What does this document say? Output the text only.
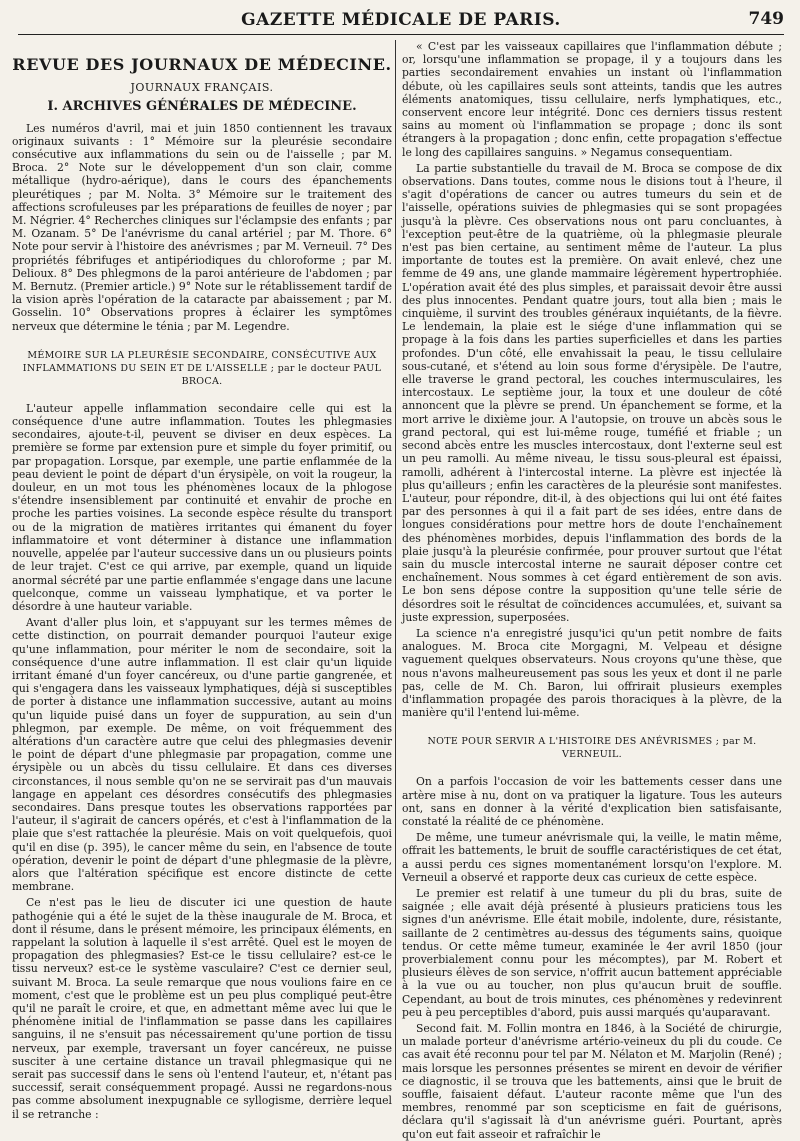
GAZETTE MÉDICALE DE PARIS.	749
REVUE DES JOURNAUX DE MÉDECINE.
JOURNAUX FRANÇAIS.
I. ARCHIVES GÉNÉRALES DE MÉDECINE.

Les numéros d'avril, mai et juin 1850 contiennent les travaux originaux suivants : 1° Mémoire sur la pleurésie secondaire consécutive aux inflammations du sein ou de l'aisselle ; par M. Broca. 2° Note sur le développement d'un son clair, comme métallique (hydro-aérique), dans le cours des épanchements pleurétiques ; par M. Nolta. 3° Mémoire sur le traitement des affections scrofuleuses par les préparations de feuilles de noyer ; par M. Négrier. 4° Recherches cliniques sur l'éclampsie des enfants ; par M. Ozanam. 5° De l'anévrisme du canal artériel ; par M. Thore. 6° Note pour servir à l'histoire des anévrismes ; par M. Verneuil. 7° Des propriétés fébrifuges et antipériodiques du chloroforme ; par M. Delioux. 8° Des phlegmons de la paroi antérieure de l'abdomen ; par M. Bernutz. (Premier article.) 9° Note sur le rétablissement tardif de la vision après l'opération de la cataracte par abaissement ; par M. Gosselin. 10° Observations propres à éclairer les symptômes nerveux que détermine le ténia ; par M. Legendre.

MÉMOIRE SUR LA PLEURÉSIE SECONDAIRE, CONSÉCUTIVE AUX INFLAMMATIONS DU SEIN ET DE L'AISSELLE ; par le docteur PAUL BROCA.

L'auteur appelle inflammation secondaire celle qui est la conséquence d'une autre inflammation. Toutes les phlegmasies secondaires, ajoute-t-il, peuvent se diviser en deux espèces. La première se forme par extension pure et simple du foyer primitif, ou par propagation. Lorsque, par exemple, une partie enflammée de la peau devient le point de départ d'un érysipèle, on voit la rougeur, la douleur, en un mot tous les phénomènes locaux de la phlogose s'étendre insensiblement par continuité et envahir de proche en proche les parties voisines. La seconde espèce résulte du transport ou de la migration de matières irritantes qui émanent du foyer inflammatoire et vont déterminer à distance une inflammation nouvelle, appelée par l'auteur successive dans un ou plusieurs points de leur trajet. C'est ce qui arrive, par exemple, quand un liquide anormal sécrété par une partie enflammée s'engage dans une lacune quelconque, comme un vaisseau lymphatique, et va porter le désordre à une hauteur variable.

Avant d'aller plus loin, et s'appuyant sur les termes mêmes de cette distinction, on pourrait demander pourquoi l'auteur exige qu'une inflammation, pour mériter le nom de secondaire, soit la conséquence d'une autre inflammation. Il est clair qu'un liquide irritant émané d'un foyer cancéreux, ou d'une partie gangrenée, et qui s'engagera dans les vaisseaux lymphatiques, déjà si susceptibles de porter à distance une inflammation successive, autant au moins qu'un liquide puisé dans un foyer de suppuration, au sein d'un phlegmon, par exemple. De même, on voit fréquemment des altérations d'un caractère autre que celui des phlegmasies devenir le point de départ d'une phlegmasie par propagation, comme une érysipèle ou un abcès du tissu cellulaire. Et dans ces diverses circonstances, il nous semble qu'on ne se servirait pas d'un mauvais langage en appelant ces désordres consécutifs des phlegmasies secondaires. Dans presque toutes les observations rapportées par l'auteur, il s'agirait de cancers opérés, et c'est à l'inflammation de la plaie que s'est rattachée la pleurésie. Mais on voit quelquefois, quoi qu'il en dise (p. 395), le cancer même du sein, en l'absence de toute opération, devenir le point de départ d'une phlegmasie de la plèvre, alors que l'altération spécifique est encore distincte de cette membrane.

Ce n'est pas le lieu de discuter ici une question de haute pathogénie qui a été le sujet de la thèse inaugurale de M. Broca, et dont il résume, dans le présent mémoire, les principaux éléments, en rappelant la solution à laquelle il s'est arrêté. Quel est le moyen de propagation des phlegmasies? Est-ce le tissu cellulaire? est-ce le tissu nerveux? est-ce le système vasculaire? C'est ce dernier seul, suivant M. Broca. La seule remarque que nous voulions faire en ce moment, c'est que le problème est un peu plus compliqué peut-être qu'il ne paraît le croire, et que, en admettant même avec lui que le phénomène initial de l'inflammation se passe dans les capillaires sanguins, il ne s'ensuit pas nécessairement qu'une portion de tissu nerveux, par exemple, traversant un foyer cancéreux, ne puisse susciter à une certaine distance un travail phlegmasique qui ne serait pas successif dans le sens où l'entend l'auteur, et, n'étant pas successif, serait conséquemment propagé. Aussi ne regardons-nous pas comme absolument inexpugnable ce syllogisme, derrière lequel il se retranche :

« C'est par les vaisseaux capillaires que l'inflammation débute ; or, lorsqu'une inflammation se propage, il y a toujours dans les parties secondairement envahies un instant où l'inflammation débute, où les capillaires seuls sont atteints, tandis que les autres éléments anatomiques, tissu cellulaire, nerfs lymphatiques, etc., conservent encore leur intégrité. Donc ces derniers tissus restent sains au moment où l'inflammation se propage ; donc ils sont étrangers à la propagation ; donc enfin, cette propagation s'effectue le long des capillaires sanguins. » Negamus consequentiam.

La partie substantielle du travail de M. Broca se compose de dix observations. Dans toutes, comme nous le disions tout à l'heure, il s'agit d'opérations de cancer ou autres tumeurs du sein et de l'aisselle, opérations suivies de phlegmasies qui se sont propagées jusqu'à la plèvre. Ces observations nous ont paru concluantes, à l'exception peut-être de la quatrième, où la phlegmasie pleurale n'est pas bien certaine, au sentiment même de l'auteur. La plus importante de toutes est la première. On avait enlevé, chez une femme de 49 ans, une glande mammaire légèrement hypertrophiée. L'opération avait été des plus simples, et paraissait devoir être aussi des plus innocentes. Pendant quatre jours, tout alla bien ; mais le cinquième, il survint des troubles généraux inquiétants, de la fièvre. Le lendemain, la plaie est le siége d'une inflammation qui se propage à la fois dans les parties superficielles et dans les parties profondes. D'un côté, elle envahissait la peau, le tissu cellulaire sous-cutané, et s'étend au loin sous forme d'érysipèle. De l'autre, elle traverse le grand pectoral, les couches intermusculaires, les intercostaux. Le septième jour, la toux et une douleur de côté annoncent que la plèvre se prend. Un épanchement se forme, et la mort arrive le dixième jour. A l'autopsie, on trouve un abcès sous le grand pectoral, qui est lui-même rouge, tuméfié et friable ; un second abcès entre les muscles intercostaux, dont l'externe seul est un peu ramolli. Au même niveau, le tissu sous-pleural est épaissi, ramolli, adhérent à l'intercostal interne. La plèvre est injectée là plus qu'ailleurs ; enfin les caractères de la pleurésie sont manifestes. L'auteur, pour répondre, dit-il, à des objections qui lui ont été faites par des personnes à qui il a fait part de ses idées, entre dans de longues considérations pour mettre hors de doute l'enchaînement des phénomènes morbides, depuis l'inflammation des bords de la plaie jusqu'à la pleurésie confirmée, pour prouver surtout que l'état sain du muscle intercostal interne ne saurait déposer contre cet enchaînement. Nous sommes à cet égard entièrement de son avis. Le bon sens dépose contre la supposition qu'une telle série de désordres soit le résultat de coïncidences accumulées, et, suivant sa juste expression, superposées.

La science n'a enregistré jusqu'ici qu'un petit nombre de faits analogues. M. Broca cite Morgagni, M. Velpeau et désigne vaguement quelques observateurs. Nous croyons qu'une thèse, que nous n'avons malheureusement pas sous les yeux et dont il ne parle pas, celle de M. Ch. Baron, lui offrirait plusieurs exemples d'inflammation propagée des parois thoraciques à la plèvre, de la manière qu'il l'entend lui-même.

NOTE POUR SERVIR A L'HISTOIRE DES ANÉVRISMES ; par M. VERNEUIL.

On a parfois l'occasion de voir les battements cesser dans une artère mise à nu, dont on va pratiquer la ligature. Tous les auteurs ont, sans en donner à la vérité d'explication bien satisfaisante, constaté la réalité de ce phénomène.

De même, une tumeur anévrismale qui, la veille, le matin même, offrait les battements, le bruit de souffle caractéristiques de cet état, a aussi perdu ces signes momentanément lorsqu'on l'explore. M. Verneuil a observé et rapporte deux cas curieux de cette espèce.

Le premier est relatif à une tumeur du pli du bras, suite de saignée ; elle avait déjà présenté à plusieurs praticiens tous les signes d'un anévrisme. Elle était mobile, indolente, dure, résistante, saillante de 2 centimètres au-dessus des téguments sains, quoique tendus. Or cette même tumeur, examinée le 4er avril 1850 (jour proverbialement connu pour les mécomptes), par M. Robert et plusieurs élèves de son service, n'offrit aucun battement appréciable à la vue ou au toucher, non plus qu'aucun bruit de souffle. Cependant, au bout de trois minutes, ces phénomènes y redevinrent peu à peu perceptibles d'abord, puis aussi marqués qu'auparavant.

Second fait. M. Follin montra en 1846, à la Société de chirurgie, un malade porteur d'anévrisme artério-veineux du pli du coude. Ce cas avait été reconnu pour tel par M. Nélaton et M. Marjolin (René) ; mais lorsque les personnes présentes se mirent en devoir de vérifier ce diagnostic, il se trouva que les battements, ainsi que le bruit de souffle, faisaient défaut. L'auteur raconte même que l'un des membres, renommé par son scepticisme en fait de guérisons, déclara qu'il s'agissait là d'un anévrisme guéri. Pourtant, après qu'on eut fait asseoir et rafraîchir le
